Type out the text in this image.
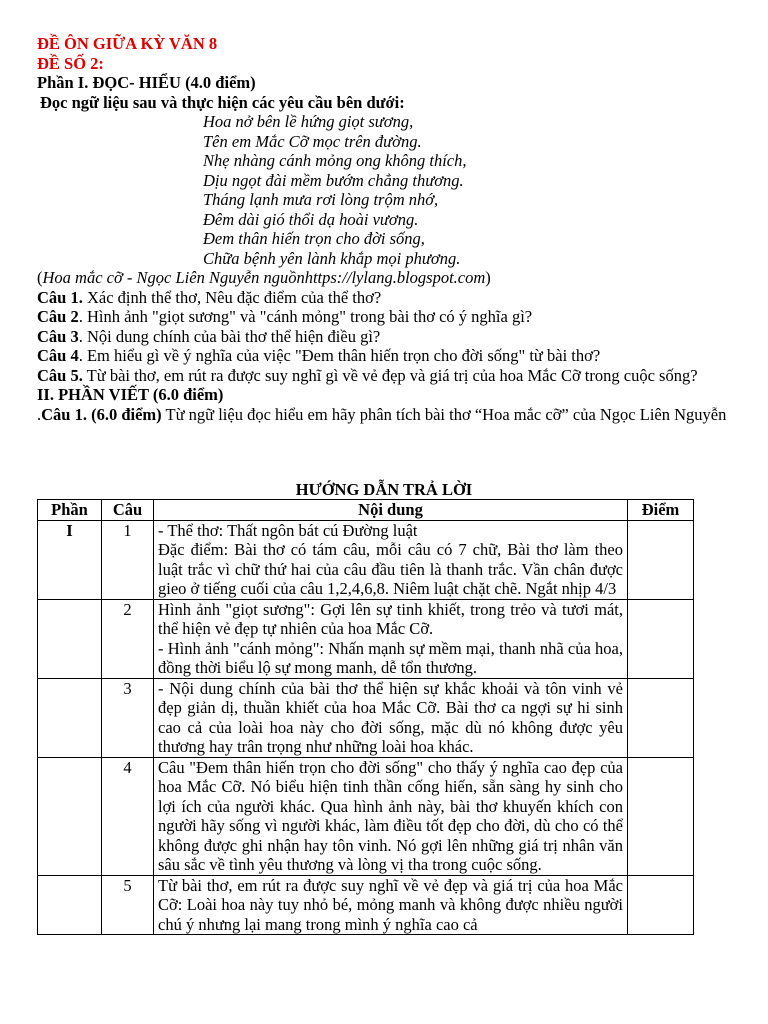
ĐỀ ÔN GIỮA KỲ VĂN 8
ĐỀ SỐ 2:
Phần I. ĐỌC- HIỂU (4.0 điểm)
Đọc ngữ liệu sau và thực hiện các yêu cầu bên dưới:
Hoa nở bên lề hứng giọt sương,
Tên em Mắc Cỡ mọc trên đường.
Nhẹ nhàng cánh mỏng ong không thích,
Dịu ngọt đài mềm bướm chẳng thương.
Tháng lạnh mưa rơi lòng trộm nhớ,
Đêm dài gió thổi dạ hoài vương.
Đem thân hiến trọn cho đời sống,
Chữa bệnh yên lành khắp mọi phương.
(Hoa mắc cỡ - Ngọc Liên Nguyễn nguồnhttps://lylang.blogspot.com)
Câu 1. Xác định thể thơ, Nêu đặc điểm của thể thơ?
Câu 2. Hình ảnh "giọt sương" và "cánh mỏng" trong bài thơ có ý nghĩa gì?
Câu 3. Nội dung chính của bài thơ thể hiện điều gì?
Câu 4. Em hiểu gì về ý nghĩa của việc "Đem thân hiến trọn cho đời sống" từ bài thơ?
Câu 5. Từ bài thơ, em rút ra được suy nghĩ gì về vẻ đẹp và giá trị của hoa Mắc Cỡ trong cuộc sống?
II. PHẦN VIẾT (6.0 điểm)
.Câu 1. (6.0 điểm) Từ ngữ liệu đọc hiểu em hãy phân tích bài thơ “Hoa mắc cỡ” của Ngọc Liên Nguyễn
HƯỚNG DẪN TRẢ LỜI
Phần	Câu	Nội dung	Điểm
I	1	- Thể thơ: Thất ngôn bát cú Đường luật
Đặc điểm: Bài thơ có tám câu, mỗi câu có 7 chữ, Bài thơ làm theo luật trắc vì chữ thứ hai của câu đầu tiên là thanh trắc. Vần chân được gieo ở tiếng cuối của câu 1,2,4,6,8. Niêm luật chặt chẽ. Ngắt nhịp 4/3	

	2	Hình ảnh "giọt sương": Gợi lên sự tinh khiết, trong trẻo và tươi mát, thể hiện vẻ đẹp tự nhiên của hoa Mắc Cỡ.
- Hình ảnh "cánh mỏng": Nhấn mạnh sự mềm mại, thanh nhã của hoa, đồng thời biểu lộ sự mong manh, dễ tổn thương.	

	3	- Nội dung chính của bài thơ thể hiện sự khắc khoải và tôn vinh vẻ đẹp giản dị, thuần khiết của hoa Mắc Cỡ. Bài thơ ca ngợi sự hi sinh cao cả của loài hoa này cho đời sống, mặc dù nó không được yêu thương hay trân trọng như những loài hoa khác.	

	4	Câu "Đem thân hiến trọn cho đời sống" cho thấy ý nghĩa cao đẹp của hoa Mắc Cỡ. Nó biểu hiện tinh thần cống hiến, sẵn sàng hy sinh cho lợi ích của người khác. Qua hình ảnh này, bài thơ khuyến khích con người hãy sống vì người khác, làm điều tốt đẹp cho đời, dù cho có thể không được ghi nhận hay tôn vinh. Nó gợi lên những giá trị nhân văn sâu sắc về tình yêu thương và lòng vị tha trong cuộc sống.	

	5	Từ bài thơ, em rút ra được suy nghĩ về vẻ đẹp và giá trị của hoa Mắc Cỡ: Loài hoa này tuy nhỏ bé, mỏng manh và không được nhiều người chú ý nhưng lại mang trong mình ý nghĩa cao cả	
